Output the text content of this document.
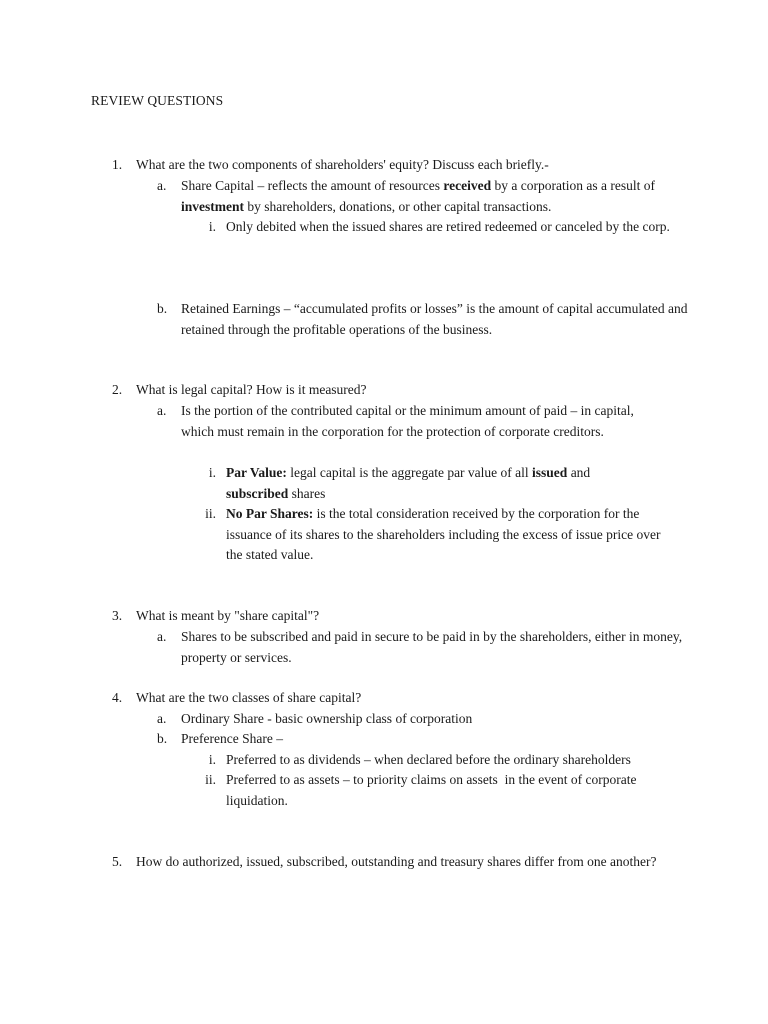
REVIEW QUESTIONS
1. What are the two components of shareholders' equity? Discuss each briefly.-
a. Share Capital – reflects the amount of resources received by a corporation as a result of investment by shareholders, donations, or other capital transactions.
i. Only debited when the issued shares are retired redeemed or canceled by the corp.
b. Retained Earnings – “accumulated profits or losses” is the amount of capital accumulated and retained through the profitable operations of the business.
2. What is legal capital? How is it measured?
a. Is the portion of the contributed capital or the minimum amount of paid – in capital, which must remain in the corporation for the protection of corporate creditors.
i. Par Value: legal capital is the aggregate par value of all issued and subscribed shares
ii. No Par Shares: is the total consideration received by the corporation for the issuance of its shares to the shareholders including the excess of issue price over the stated value.
3. What is meant by "share capital"?
a. Shares to be subscribed and paid in secure to be paid in by the shareholders, either in money, property or services.
4. What are the two classes of share capital?
a. Ordinary Share - basic ownership class of corporation
b. Preference Share –
i. Preferred to as dividends – when declared before the ordinary shareholders
ii. Preferred to as assets – to priority claims on assets  in the event of corporate liquidation.
5. How do authorized, issued, subscribed, outstanding and treasury shares differ from one another?
